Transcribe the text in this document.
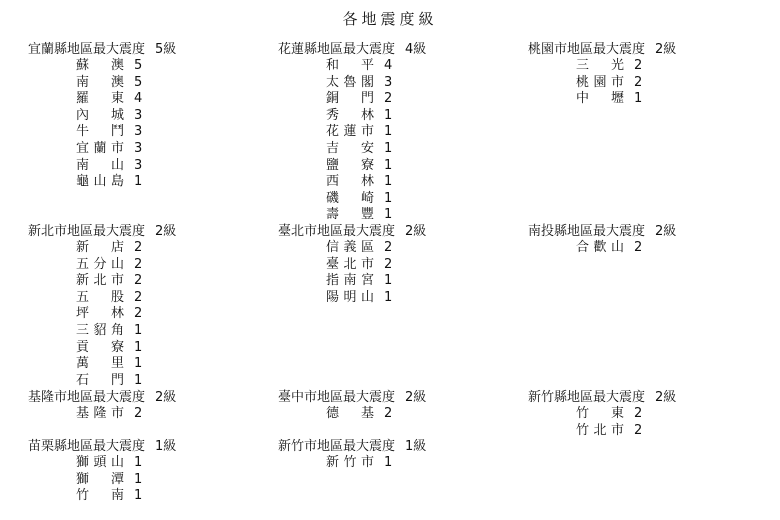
各地震度級
宜蘭縣地區最大震度 5級
蘇澳 5
南澳 5
羅東 4
內城 3
牛鬥 3
宜蘭市 3
南山 3
龜山島 1
花蓮縣地區最大震度 4級
和平 4
太魯閣 3
銅門 2
秀林 1
花蓮市 1
吉安 1
鹽寮 1
西林 1
磯崎 1
壽豐 1
桃園市地區最大震度 2級
三光 2
桃園市 2
中壢 1
新北市地區最大震度 2級
新店 2
五分山 2
新北市 2
五股 2
坪林 2
三貂角 1
貢寮 1
萬里 1
石門 1
臺北市地區最大震度 2級
信義區 2
臺北市 2
指南宮 1
陽明山 1
南投縣地區最大震度 2級
合歡山 2
基隆市地區最大震度 2級
基隆市 2
臺中市地區最大震度 2級
德基 2
新竹縣地區最大震度 2級
竹東 2
竹北市 2
苗栗縣地區最大震度 1級
獅頭山 1
獅潭 1
竹南 1
新竹市地區最大震度 1級
新竹市 1
